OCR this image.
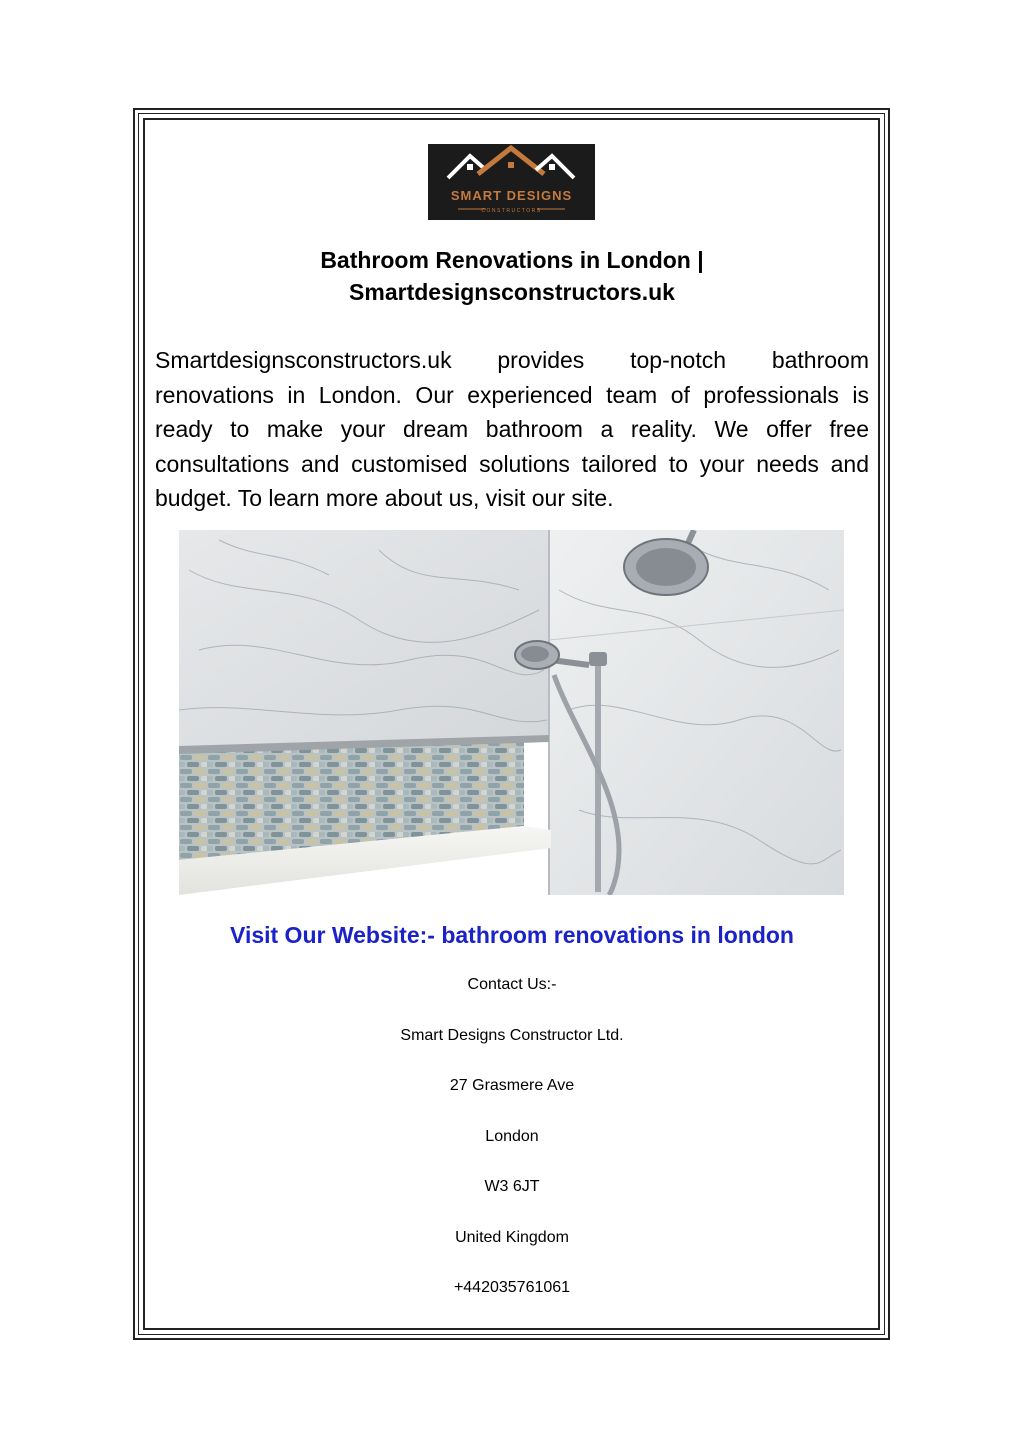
SMART DESIGNS
CONSTRUCTORS
Bathroom Renovations in London |
Smartdesignsconstructors.uk
Smartdesignsconstructors.uk provides top-notch bathroom renovations in London. Our experienced team of professionals is ready to make your dream bathroom a reality. We offer free consultations and customised solutions tailored to your needs and budget. To learn more about us, visit our site.
Visit Our Website:- bathroom renovations in london
Contact Us:-
Smart Designs Constructor Ltd.
27 Grasmere Ave
London
W3 6JT
United Kingdom
+442035761061
